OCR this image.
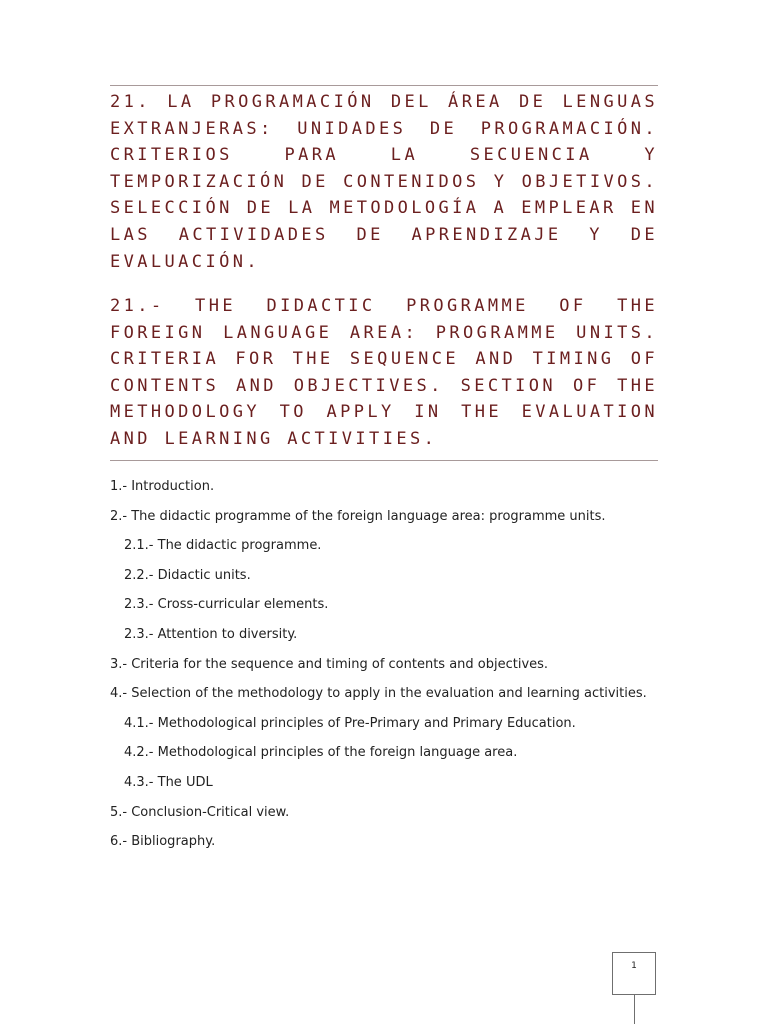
21. LA PROGRAMACIÓN DEL ÁREA DE LENGUAS EXTRANJERAS: UNIDADES DE PROGRAMACIÓN. CRITERIOS PARA LA SECUENCIA Y TEMPORIZACIÓN DE CONTENIDOS Y OBJETIVOS. SELECCIÓN DE LA METODOLOGÍA A EMPLEAR EN LAS ACTIVIDADES DE APRENDIZAJE Y DE EVALUACIÓN.
21.- THE DIDACTIC PROGRAMME OF THE FOREIGN LANGUAGE AREA: PROGRAMME UNITS. CRITERIA FOR THE SEQUENCE AND TIMING OF CONTENTS AND OBJECTIVES. SECTION OF THE METHODOLOGY TO APPLY IN THE EVALUATION AND LEARNING ACTIVITIES.
1.- Introduction.
2.- The didactic programme of the foreign language area: programme units.
2.1.- The didactic programme.
2.2.- Didactic units.
2.3.- Cross-curricular elements.
2.3.- Attention to diversity.
3.- Criteria for the sequence and timing of contents and objectives.
4.- Selection of the methodology to apply in the evaluation and learning activities.
4.1.- Methodological principles of Pre-Primary and Primary Education.
4.2.- Methodological principles of the foreign language area.
4.3.- The UDL
5.- Conclusion-Critical view.
6.- Bibliography.
1
